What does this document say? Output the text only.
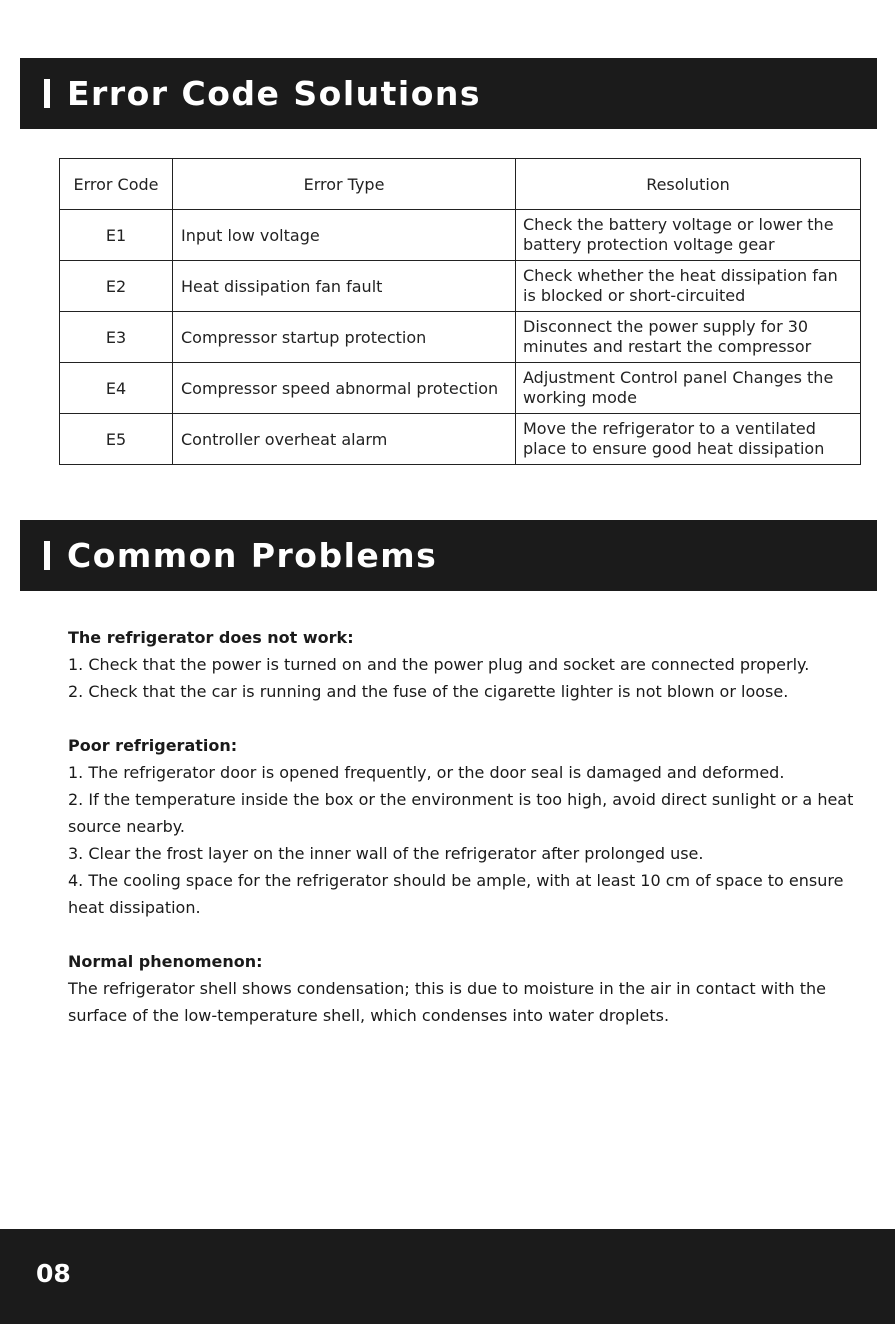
Error Code Solutions
Error Code	Error Type	Resolution
E1	Input low voltage	Check the battery voltage or lower the battery protection voltage gear
E2	Heat dissipation fan fault	Check whether the heat dissipation fan is blocked or short-circuited
E3	Compressor startup protection	Disconnect the power supply for 30 minutes and restart the compressor
E4	Compressor speed abnormal protection	Adjustment Control panel Changes the working mode
E5	Controller overheat alarm	Move the refrigerator to a ventilated place to ensure good heat dissipation
Common Problems

The refrigerator does not work:

1. Check that the power is turned on and the power plug and socket are connected properly.

2. Check that the car is running and the fuse of the cigarette lighter is not blown or loose.

Poor refrigeration:

1. The refrigerator door is opened frequently, or the door seal is damaged and deformed.

2. If the temperature inside the box or the environment is too high, avoid direct sunlight or a heat source nearby.

3. Clear the frost layer on the inner wall of the refrigerator after prolonged use.

4. The cooling space for the refrigerator should be ample, with at least 10 cm of space to ensure heat dissipation.

Normal phenomenon:

The refrigerator shell shows condensation; this is due to moisture in the air in contact with the surface of the low-temperature shell, which condenses into water droplets.

08
